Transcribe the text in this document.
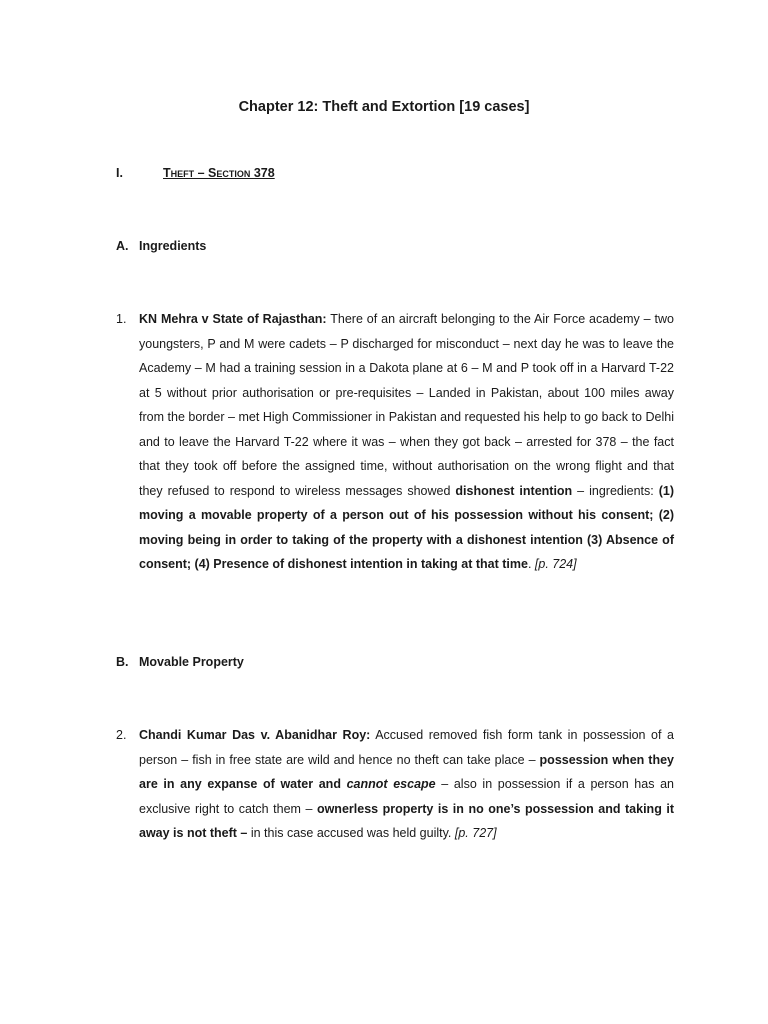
Chapter 12: Theft and Extortion [19 cases]
I.	Theft – Section 378
A. Ingredients
1. KN Mehra v State of Rajasthan: There of an aircraft belonging to the Air Force academy – two youngsters, P and M were cadets – P discharged for misconduct – next day he was to leave the Academy – M had a training session in a Dakota plane at 6 – M and P took off in a Harvard T-22 at 5 without prior authorisation or pre-requisites – Landed in Pakistan, about 100 miles away from the border – met High Commissioner in Pakistan and requested his help to go back to Delhi and to leave the Harvard T-22 where it was – when they got back – arrested for 378 – the fact that they took off before the assigned time, without authorisation on the wrong flight and that they refused to respond to wireless messages showed dishonest intention – ingredients: (1) moving a movable property of a person out of his possession without his consent; (2) moving being in order to taking of the property with a dishonest intention (3) Absence of consent; (4) Presence of dishonest intention in taking at that time. [p. 724]
B. Movable Property
2. Chandi Kumar Das v. Abanidhar Roy: Accused removed fish form tank in possession of a person – fish in free state are wild and hence no theft can take place – possession when they are in any expanse of water and cannot escape – also in possession if a person has an exclusive right to catch them – ownerless property is in no one’s possession and taking it away is not theft – in this case accused was held guilty. [p. 727]
